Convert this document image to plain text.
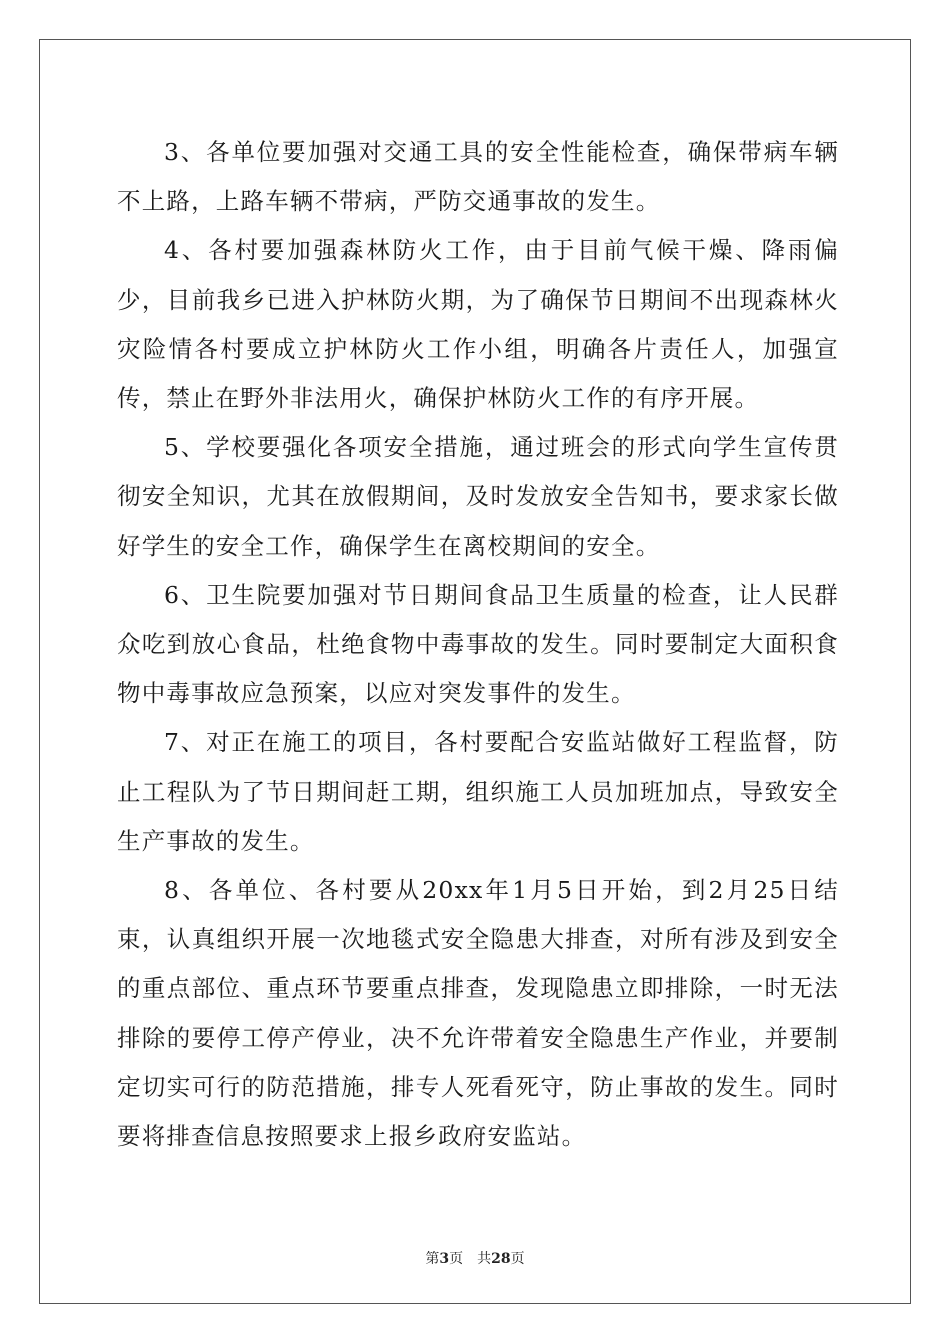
3、各单位要加强对交通工具的安全性能检查，确保带病车辆不上路，上路车辆不带病，严防交通事故的发生。

4、各村要加强森林防火工作，由于目前气候干燥、降雨偏少，目前我乡已进入护林防火期，为了确保节日期间不出现森林火灾险情各村要成立护林防火工作小组，明确各片责任人，加强宣传，禁止在野外非法用火，确保护林防火工作的有序开展。

5、学校要强化各项安全措施，通过班会的形式向学生宣传贯彻安全知识，尤其在放假期间，及时发放安全告知书，要求家长做好学生的安全工作，确保学生在离校期间的安全。

6、卫生院要加强对节日期间食品卫生质量的检查，让人民群众吃到放心食品，杜绝食物中毒事故的发生。同时要制定大面积食物中毒事故应急预案，以应对突发事件的发生。

7、对正在施工的项目，各村要配合安监站做好工程监督，防止工程队为了节日期间赶工期，组织施工人员加班加点，导致安全生产事故的发生。

8、各单位、各村要从20xx年1月5日开始，到2月25日结束，认真组织开展一次地毯式安全隐患大排查，对所有涉及到安全的重点部位、重点环节要重点排查，发现隐患立即排除，一时无法排除的要停工停产停业，决不允许带着安全隐患生产作业，并要制定切实可行的防范措施，排专人死看死守，防止事故的发生。同时要将排查信息按照要求上报乡政府安监站。

第3页 共28页
